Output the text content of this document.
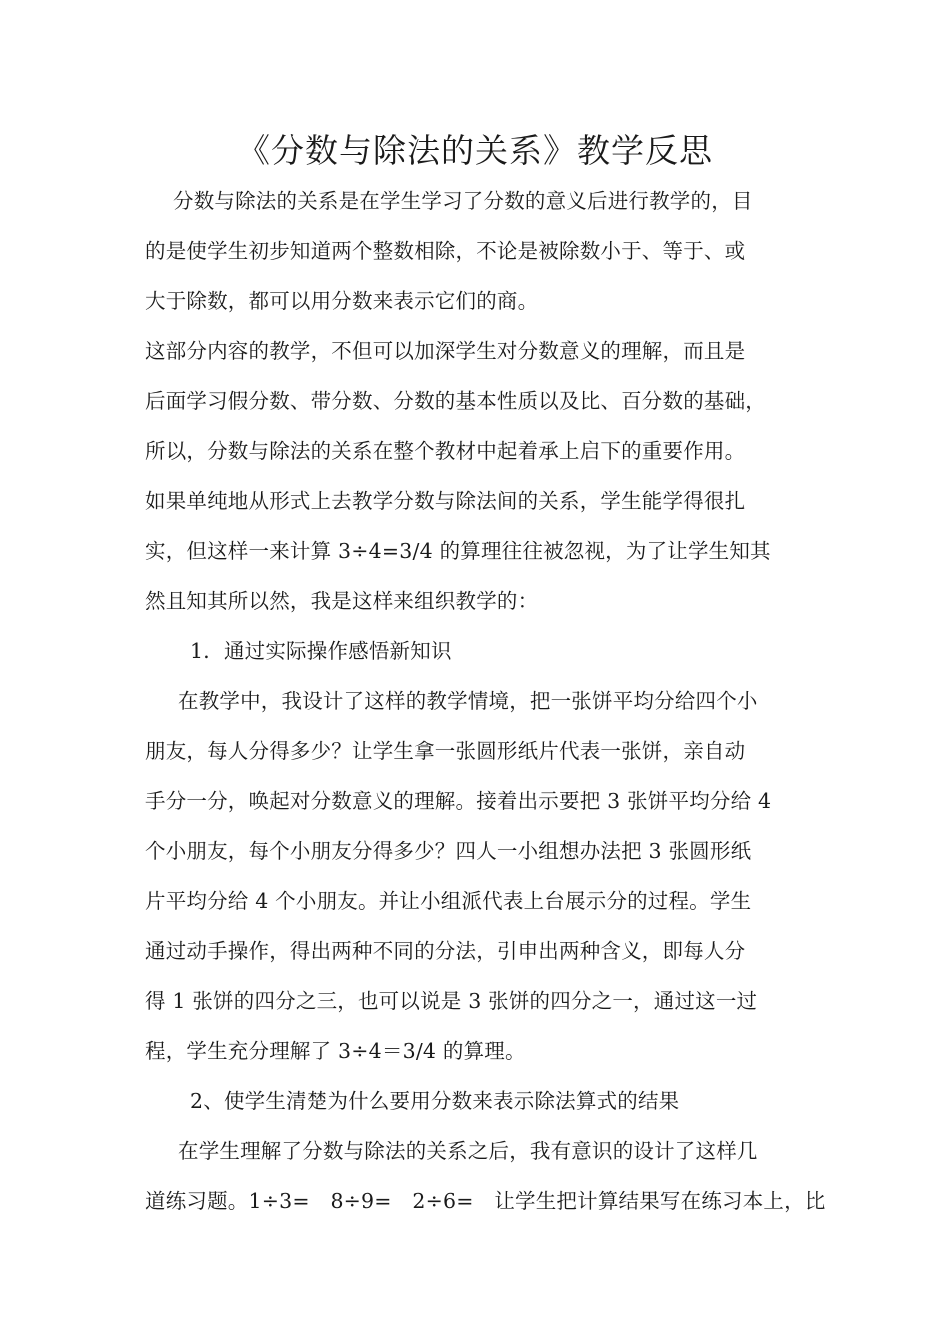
《分数与除法的关系》教学反思
分数与除法的关系是在学生学习了分数的意义后进行教学的，目
的是使学生初步知道两个整数相除，不论是被除数小于、等于、或
大于除数，都可以用分数来表示它们的商。
这部分内容的教学，不但可以加深学生对分数意义的理解，而且是
后面学习假分数、带分数、分数的基本性质以及比、百分数的基础，
所以，分数与除法的关系在整个教材中起着承上启下的重要作用。
如果单纯地从形式上去教学分数与除法间的关系，学生能学得很扎
实，但这样一来计算 3÷4=3/4 的算理往往被忽视，为了让学生知其
然且知其所以然，我是这样来组织教学的：
1．通过实际操作感悟新知识
在教学中，我设计了这样的教学情境，把一张饼平均分给四个小
朋友，每人分得多少？让学生拿一张圆形纸片代表一张饼，亲自动
手分一分，唤起对分数意义的理解。接着出示要把 3 张饼平均分给 4
个小朋友，每个小朋友分得多少？四人一小组想办法把 3 张圆形纸
片平均分给 4 个小朋友。并让小组派代表上台展示分的过程。学生
通过动手操作，得出两种不同的分法，引申出两种含义，即每人分
得 1 张饼的四分之三，也可以说是 3 张饼的四分之一，通过这一过
程，学生充分理解了 3÷4＝3/4 的算理。
2、使学生清楚为什么要用分数来表示除法算式的结果
在学生理解了分数与除法的关系之后，我有意识的设计了这样几
道练习题。1÷3=　8÷9=　2÷6=　让学生把计算结果写在练习本上，比
